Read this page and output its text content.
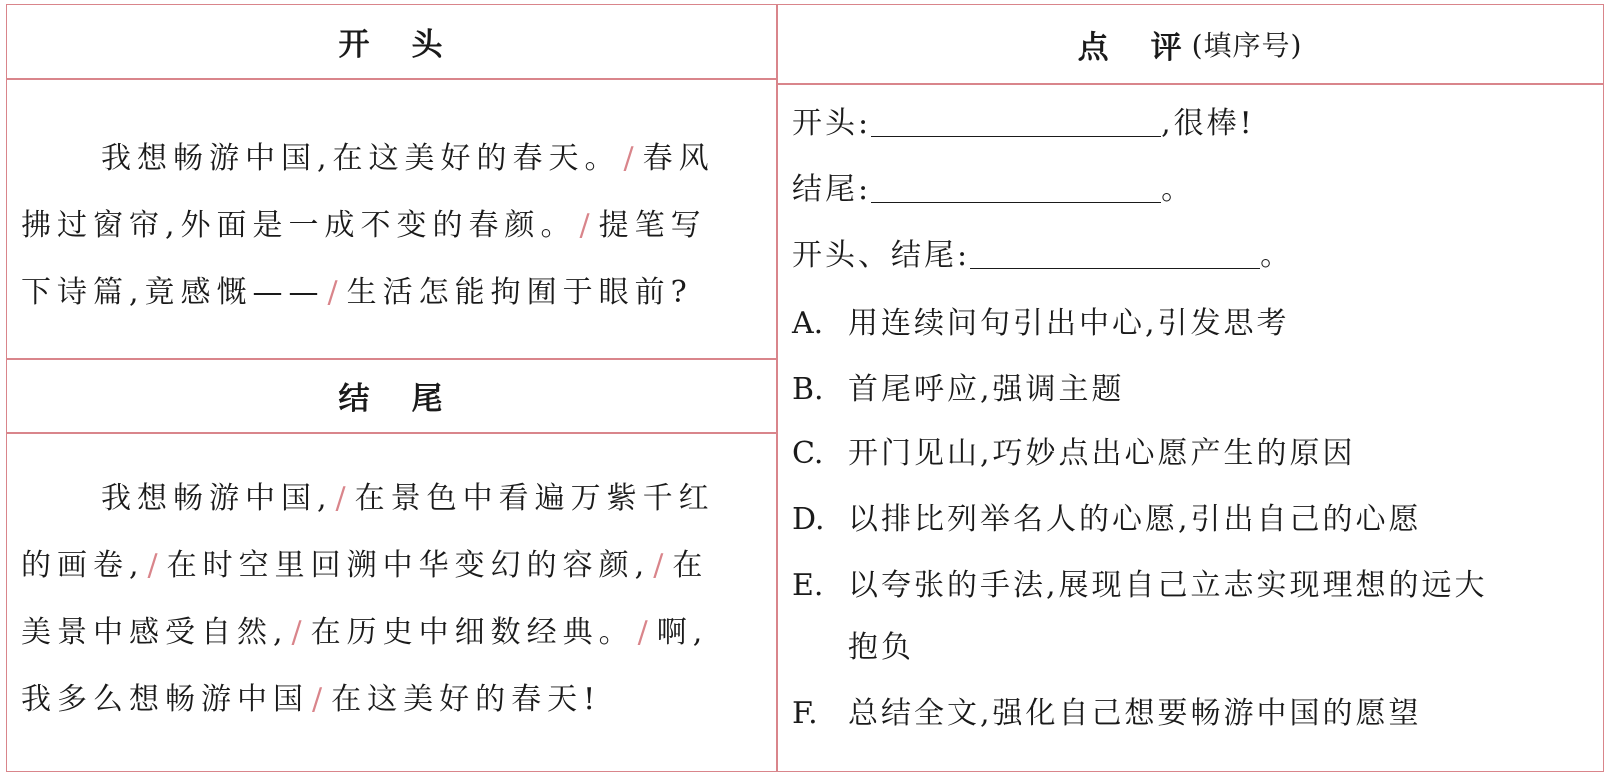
开 头
我想畅游中国,在这美好的春天。 / 春风
拂过窗帘,外面是一成不变的春颜。 / 提笔写
下诗篇,竟感慨—— / 生活怎能拘囿于眼前?
结 尾
我想畅游中国, / 在景色中看遍万紫千红
的画卷, / 在时空里回溯中华变幻的容颜, / 在
美景中感受自然, / 在历史中细数经典。 / 啊,
我多么想畅游中国 / 在这美好的春天!
点 评 (填序号)
开头:	,很棒!
结尾:	。
开头、结尾:	。
A. 用连续问句引出中心,引发思考
B. 首尾呼应,强调主题
C. 开门见山,巧妙点出心愿产生的原因
D. 以排比列举名人的心愿,引出自己的心愿
E. 以夸张的手法,展现自己立志实现理想的远大
抱负
F. 总结全文,强化自己想要畅游中国的愿望
